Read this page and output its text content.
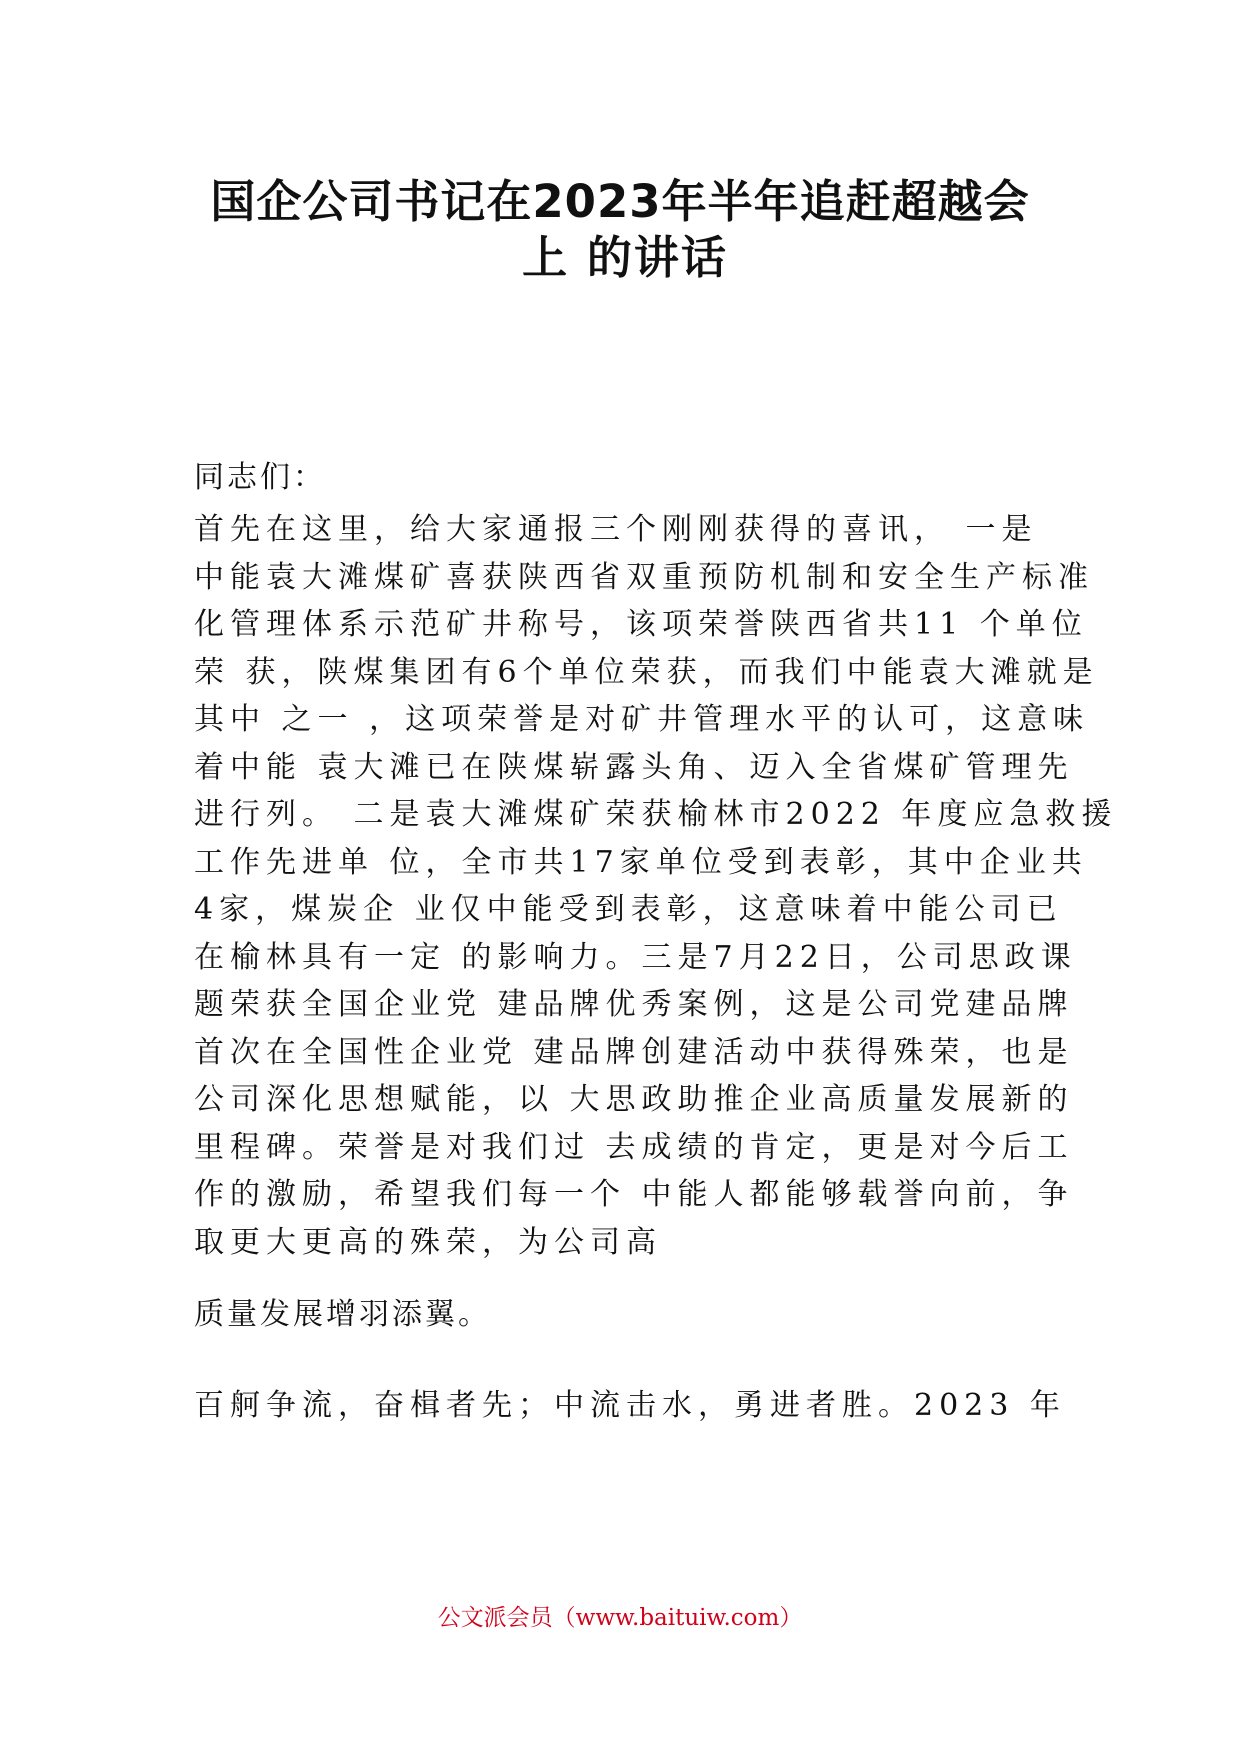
国企公司书记在2023年半年追赶超越会
上 的讲话
同志们：
首先在这里，给大家通报三个刚刚获得的喜讯， 一是
中能袁大滩煤矿喜获陕西省双重预防机制和安全生产标准
化管理体系示范矿井称号，该项荣誉陕西省共11 个单位
荣 获，陕煤集团有6个单位荣获，而我们中能袁大滩就是
其中 之一 ，这项荣誉是对矿井管理水平的认可，这意味
着中能 袁大滩已在陕煤崭露头角、迈入全省煤矿管理先
进行列。 二是袁大滩煤矿荣获榆林市2022 年度应急救援
工作先进单 位，全市共17家单位受到表彰，其中企业共
4家，煤炭企 业仅中能受到表彰，这意味着中能公司已
在榆林具有一定 的影响力。三是7月22日，公司思政课
题荣获全国企业党 建品牌优秀案例，这是公司党建品牌
首次在全国性企业党 建品牌创建活动中获得殊荣，也是
公司深化思想赋能，以 大思政助推企业高质量发展新的
里程碑。荣誉是对我们过 去成绩的肯定，更是对今后工
作的激励，希望我们每一个 中能人都能够载誉向前，争
取更大更高的殊荣，为公司高
质量发展增羽添翼。
百舸争流，奋楫者先；中流击水，勇进者胜。2023 年
公文派会员（www.baituiw.com）
